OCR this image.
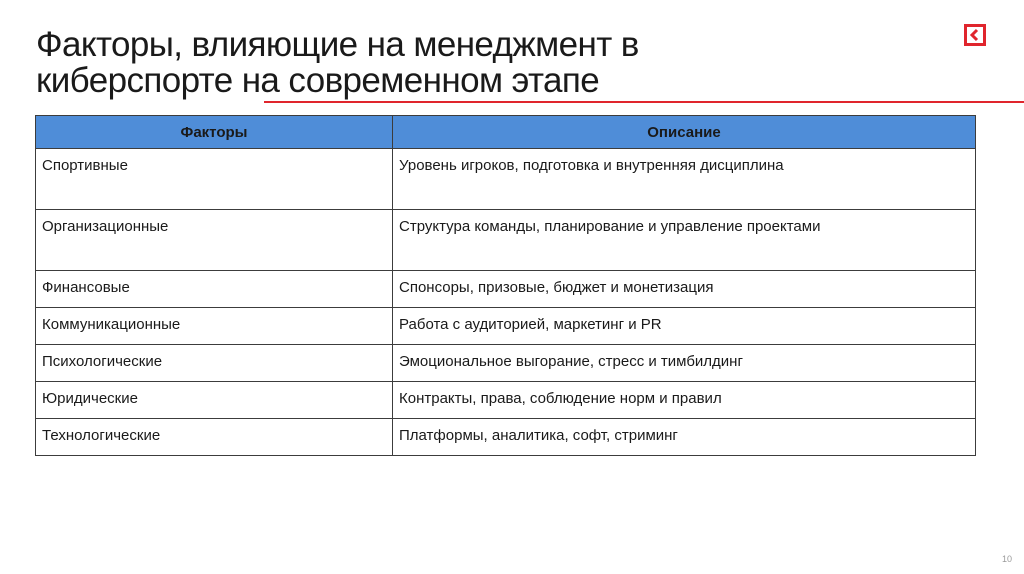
Факторы, влияющие на менеджмент в
киберспорте на современном этапе
Факторы	Описание
Спортивные	Уровень игроков, подготовка и внутренняя дисциплина
Организационные	Структура команды, планирование и управление проектами
Финансовые	Спонсоры, призовые, бюджет и монетизация
Коммуникационные	Работа с аудиторией, маркетинг и PR
Психологические	Эмоциональное выгорание, стресс и тимбилдинг
Юридические	Контракты, права, соблюдение норм и правил
Технологические	Платформы, аналитика, софт, стриминг
10
